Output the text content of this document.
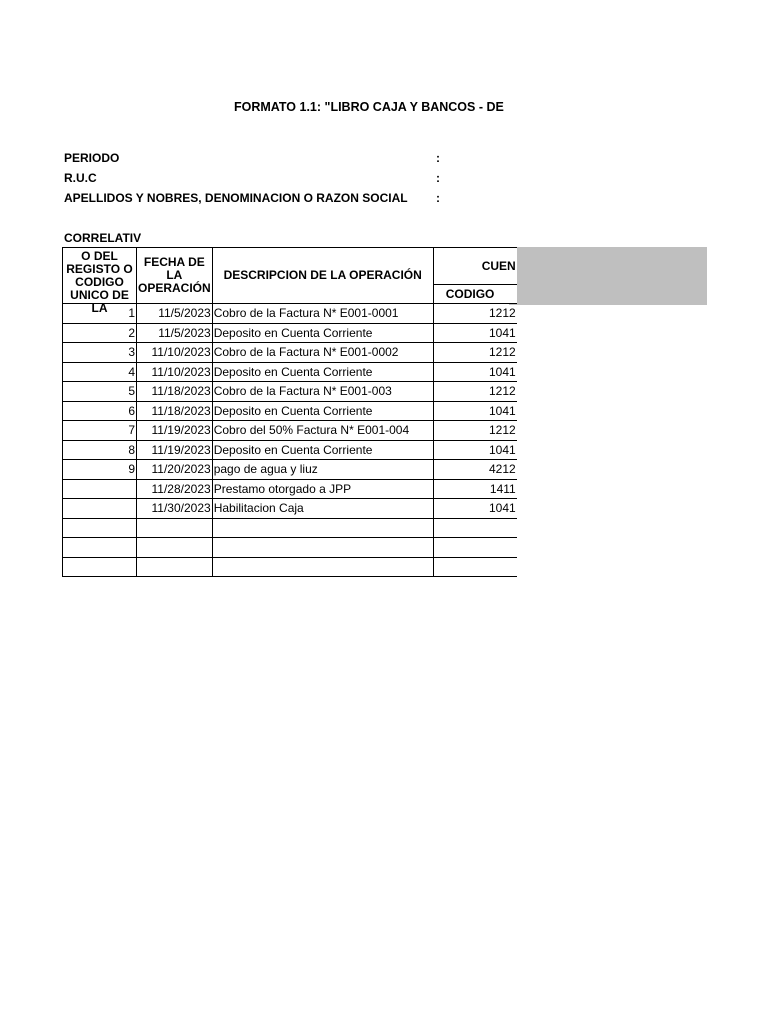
FORMATO 1.1: "LIBRO CAJA Y BANCOS - DE
PERIODO	:
R.U.C	:
APELLIDOS Y NOBRES, DENOMINACION O RAZON SOCIAL :
CORRELATIV
O DEL REGISTO O CODIGO UNICO DE LA	FECHA DE LA OPERACIÓN	DESCRIPCION DE LA OPERACIÓN	CUEN
			CODIGO
1	11/5/2023	Cobro de la Factura N* E001-0001	1212
2	11/5/2023	Deposito en Cuenta Corriente	1041
3	11/10/2023	Cobro de la Factura N* E001-0002	1212
4	11/10/2023	Deposito en Cuenta Corriente	1041
5	11/18/2023	Cobro de la Factura N* E001-003	1212
6	11/18/2023	Deposito en Cuenta Corriente	1041
7	11/19/2023	Cobro del 50% Factura N* E001-004	1212
8	11/19/2023	Deposito en Cuenta Corriente	1041
9	11/20/2023	pago de agua y liuz	4212
	11/28/2023	Prestamo otorgado a JPP	1411
	11/30/2023	Habilitacion Caja	1041
